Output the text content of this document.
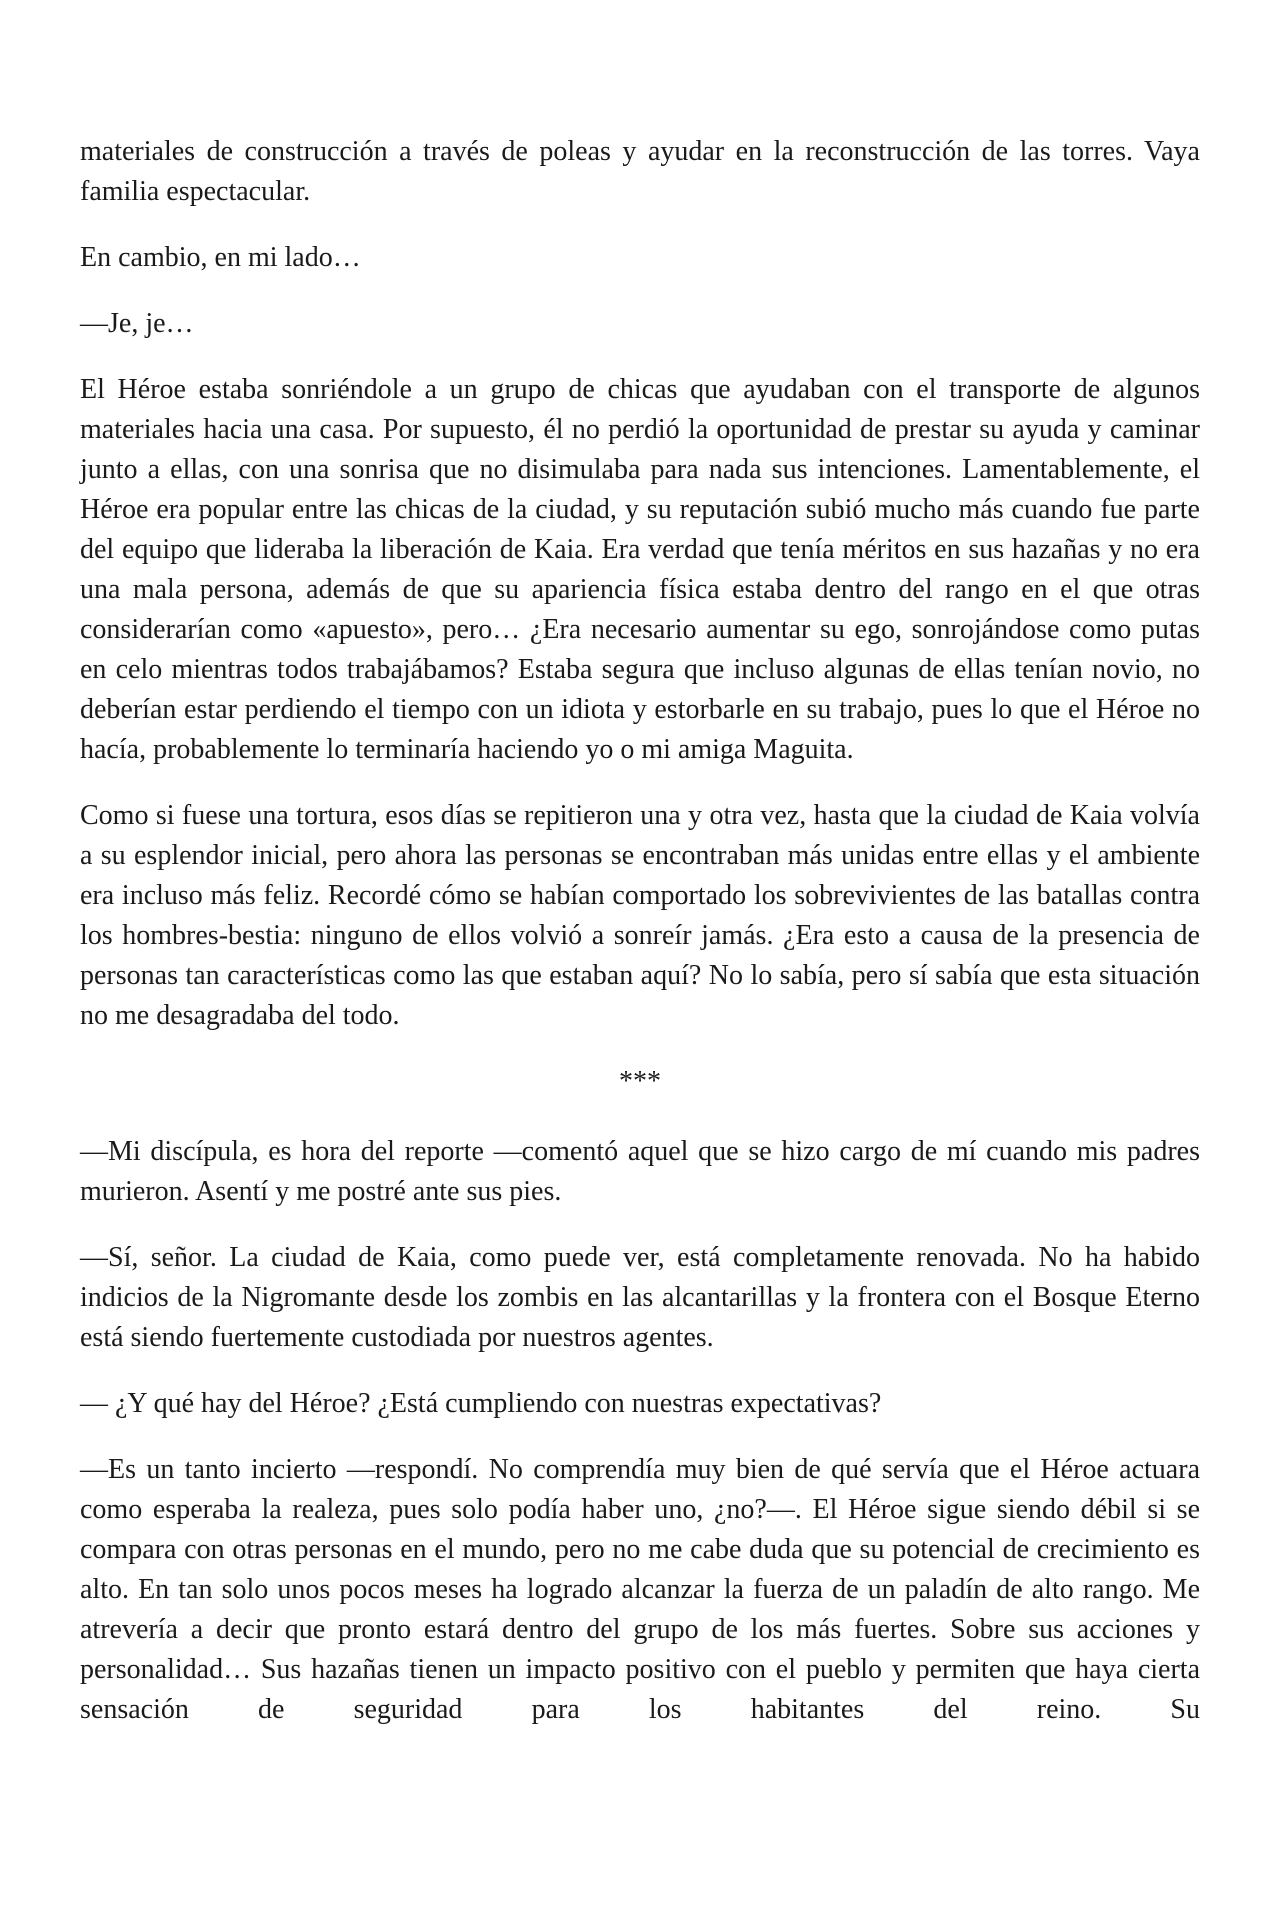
materiales de construcción a través de poleas y ayudar en la reconstrucción de las torres. Vaya familia espectacular.

En cambio, en mi lado…

—Je, je…

El Héroe estaba sonriéndole a un grupo de chicas que ayudaban con el transporte de algunos materiales hacia una casa. Por supuesto, él no perdió la oportunidad de prestar su ayuda y caminar junto a ellas, con una sonrisa que no disimulaba para nada sus intenciones. Lamentablemente, el Héroe era popular entre las chicas de la ciudad, y su reputación subió mucho más cuando fue parte del equipo que lideraba la liberación de Kaia. Era verdad que tenía méritos en sus hazañas y no era una mala persona, además de que su apariencia física estaba dentro del rango en el que otras considerarían como «apuesto», pero… ¿Era necesario aumentar su ego, sonrojándose como putas en celo mientras todos trabajábamos? Estaba segura que incluso algunas de ellas tenían novio, no deberían estar perdiendo el tiempo con un idiota y estorbarle en su trabajo, pues lo que el Héroe no hacía, probablemente lo terminaría haciendo yo o mi amiga Maguita.

Como si fuese una tortura, esos días se repitieron una y otra vez, hasta que la ciudad de Kaia volvía a su esplendor inicial, pero ahora las personas se encontraban más unidas entre ellas y el ambiente era incluso más feliz. Recordé cómo se habían comportado los sobrevivientes de las batallas contra los hombres-bestia: ninguno de ellos volvió a sonreír jamás. ¿Era esto a causa de la presencia de personas tan características como las que estaban aquí? No lo sabía, pero sí sabía que esta situación no me desagradaba del todo.

***

—Mi discípula, es hora del reporte —comentó aquel que se hizo cargo de mí cuando mis padres murieron. Asentí y me postré ante sus pies.

—Sí, señor. La ciudad de Kaia, como puede ver, está completamente renovada. No ha habido indicios de la Nigromante desde los zombis en las alcantarillas y la frontera con el Bosque Eterno está siendo fuertemente custodiada por nuestros agentes.

— ¿Y qué hay del Héroe? ¿Está cumpliendo con nuestras expectativas?

—Es un tanto incierto —respondí. No comprendía muy bien de qué servía que el Héroe actuara como esperaba la realeza, pues solo podía haber uno, ¿no?—. El Héroe sigue siendo débil si se compara con otras personas en el mundo, pero no me cabe duda que su potencial de crecimiento es alto. En tan solo unos pocos meses ha logrado alcanzar la fuerza de un paladín de alto rango. Me atrevería a decir que pronto estará dentro del grupo de los más fuertes. Sobre sus acciones y personalidad… Sus hazañas tienen un impacto positivo con el pueblo y permiten que haya cierta sensación de seguridad para los habitantes del reino. Su
